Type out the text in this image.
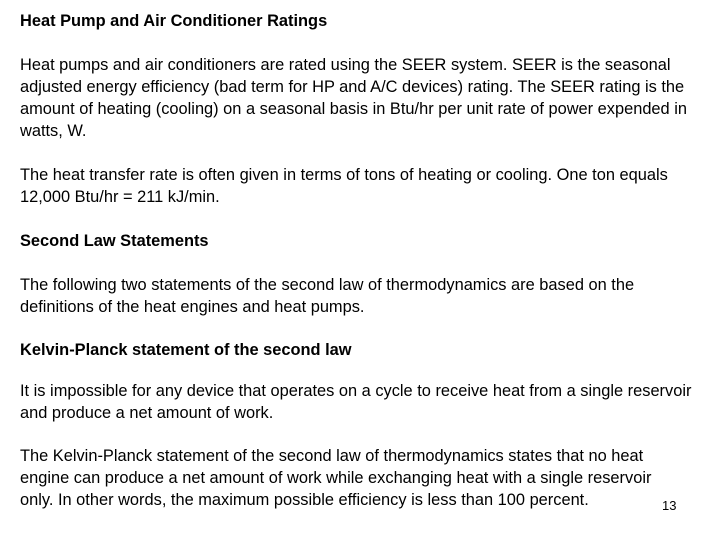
Heat Pump and Air Conditioner Ratings

Heat pumps and air conditioners are rated using the SEER system. SEER is the seasonal adjusted energy efficiency (bad term for HP and A/C devices) rating. The SEER rating is the amount of heating (cooling) on a seasonal basis in Btu/hr per unit rate of power expended in watts, W.

The heat transfer rate is often given in terms of tons of heating or cooling. One ton equals 12,000 Btu/hr = 211 kJ/min.

Second Law Statements

The following two statements of the second law of thermodynamics are based on the definitions of the heat engines and heat pumps.

Kelvin-Planck statement of the second law

It is impossible for any device that operates on a cycle to receive heat from a single reservoir and produce a net amount of work.

The Kelvin-Planck statement of the second law of thermodynamics states that no heat engine can produce a net amount of work while exchanging heat with a single reservoir only. In other words, the maximum possible efficiency is less than 100 percent.	13
